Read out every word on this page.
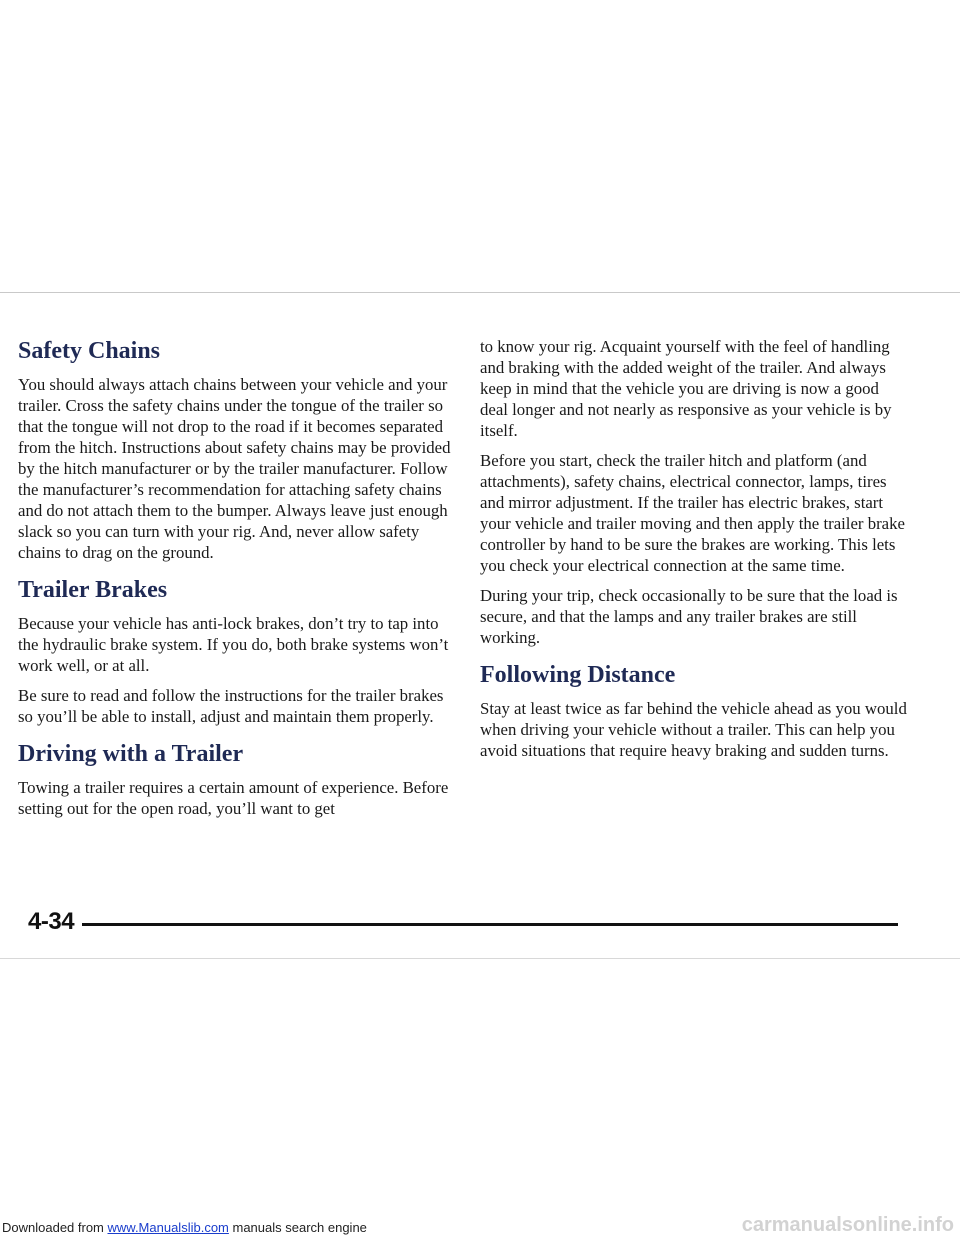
Safety Chains

You should always attach chains between your vehicle and your trailer. Cross the safety chains under the tongue of the trailer so that the tongue will not drop to the road if it becomes separated from the hitch. Instructions about safety chains may be provided by the hitch manufacturer or by the trailer manufacturer. Follow the manufacturer’s recommendation for attaching safety chains and do not attach them to the bumper. Always leave just enough slack so you can turn with your rig. And, never allow safety chains to drag on the ground.

Trailer Brakes

Because your vehicle has anti-lock brakes, don’t try to tap into the hydraulic brake system. If you do, both brake systems won’t work well, or at all.

Be sure to read and follow the instructions for the trailer brakes so you’ll be able to install, adjust and maintain them properly.

Driving with a Trailer

Towing a trailer requires a certain amount of experience. Before setting out for the open road, you’ll want to get

to know your rig. Acquaint yourself with the feel of handling and braking with the added weight of the trailer. And always keep in mind that the vehicle you are driving is now a good deal longer and not nearly as responsive as your vehicle is by itself.

Before you start, check the trailer hitch and platform (and attachments), safety chains, electrical connector, lamps, tires and mirror adjustment. If the trailer has electric brakes, start your vehicle and trailer moving and then apply the trailer brake controller by hand to be sure the brakes are working. This lets you check your electrical connection at the same time.

During your trip, check occasionally to be sure that the load is secure, and that the lamps and any trailer brakes are still working.

Following Distance

Stay at least twice as far behind the vehicle ahead as you would when driving your vehicle without a trailer. This can help you avoid situations that require heavy braking and sudden turns.

4-34
Downloaded from www.Manualslib.com manuals search engine	carmanualsonline.info
